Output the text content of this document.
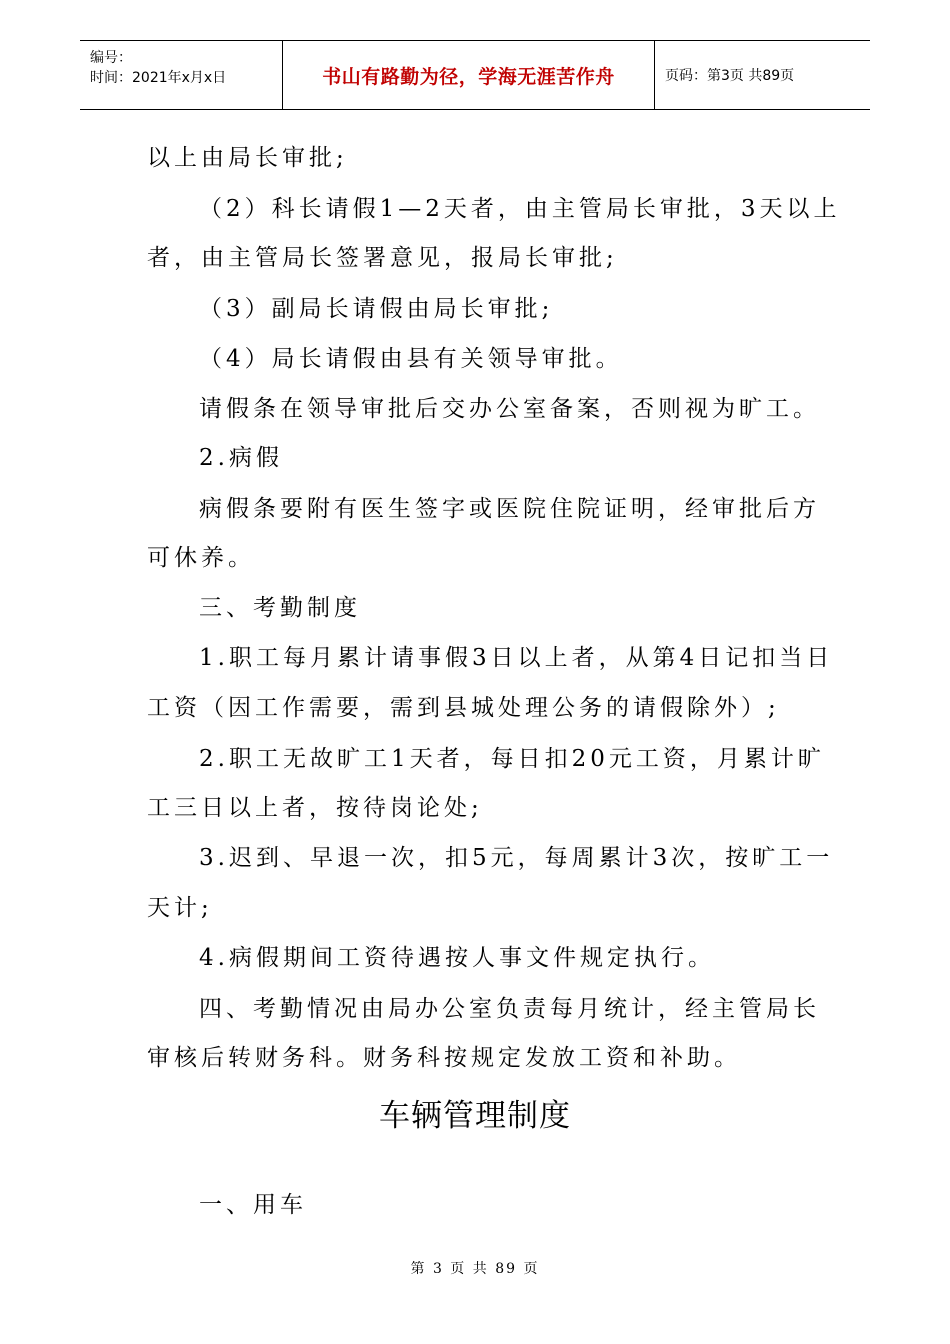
编号：
时间：2021年x月x日	书山有路勤为径，学海无涯苦作舟	页码：第3页 共89页
以上由局长审批;
（2）科长请假1—2天者，由主管局长审批，3天以上
者，由主管局长签署意见，报局长审批;
（3）副局长请假由局长审批;
（4）局长请假由县有关领导审批。
请假条在领导审批后交办公室备案，否则视为旷工。
2.病假
病假条要附有医生签字或医院住院证明，经审批后方
可休养。
三、考勤制度
1.职工每月累计请事假3日以上者，从第4日记扣当日
工资（因工作需要，需到县城处理公务的请假除外）;
2.职工无故旷工1天者，每日扣20元工资，月累计旷
工三日以上者，按待岗论处;
3.迟到、早退一次，扣5元，每周累计3次，按旷工一
天计;
4.病假期间工资待遇按人事文件规定执行。
四、考勤情况由局办公室负责每月统计，经主管局长
审核后转财务科。财务科按规定发放工资和补助。
车辆管理制度
一、用车
第 3 页 共 89 页
